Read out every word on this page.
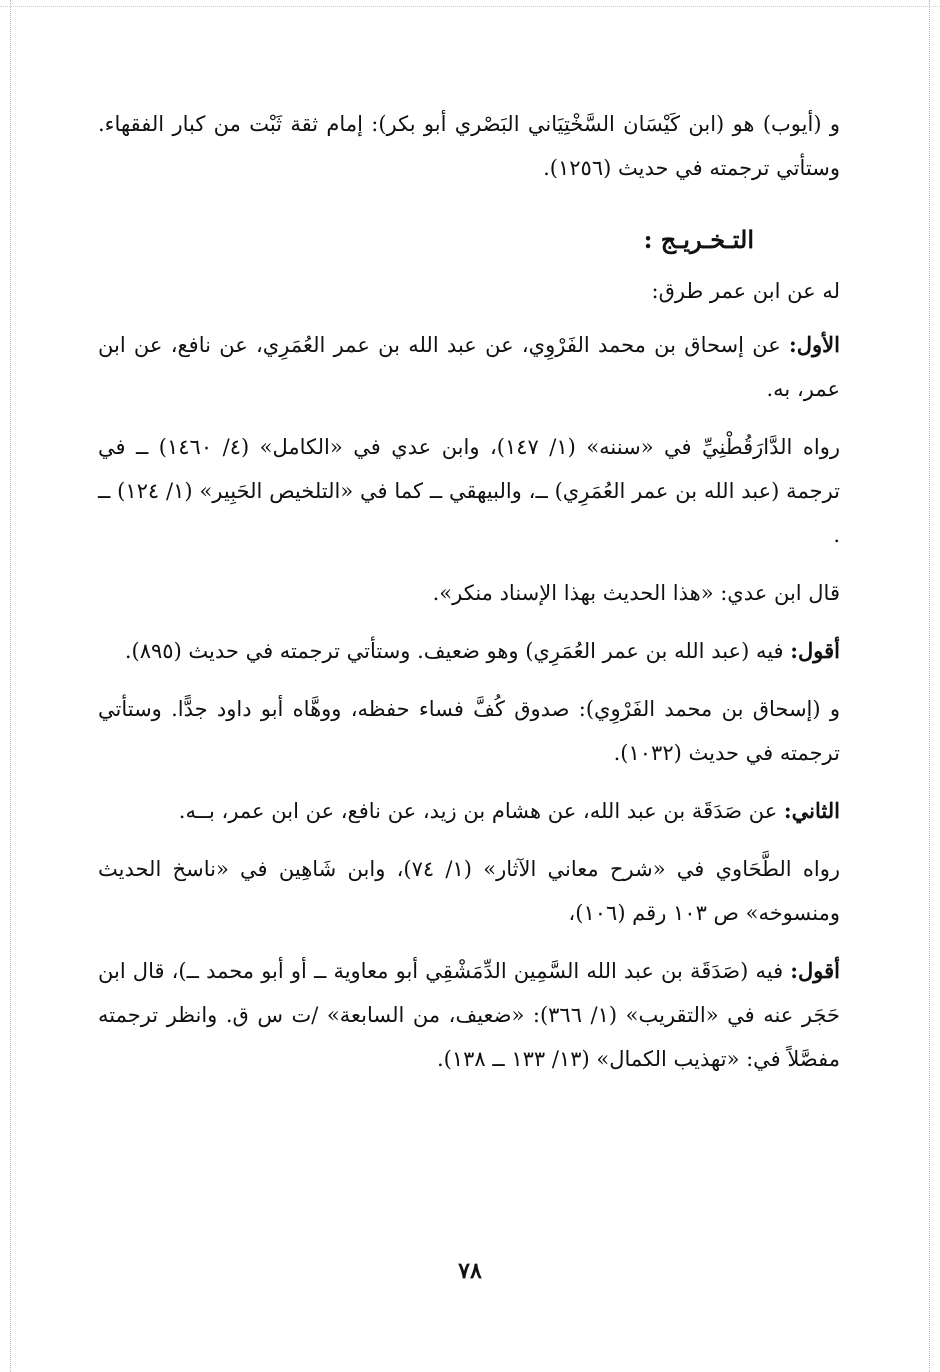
و (أيوب) هو (ابن كَيْسَان السَّخْتِيَاني البَصْري أبو بكر): إمام ثقة ثَبْت من كبار الفقهاء. وستأتي ترجمته في حديث (١٢٥٦).

التـخـريـج :

له عن ابن عمر طرق:

الأول: عن إسحاق بن محمد الفَرْوِي، عن عبد الله بن عمر العُمَرِي، عن نافع، عن ابن عمر، به.

رواه الدَّارَقُطْنِيِّ في «سننه» (١/ ١٤٧)، وابن عدي في «الكامل» (٤/ ١٤٦٠) ــ في ترجمة (عبد الله بن عمر العُمَرِي) ــ، والبيهقي ــ كما في «التلخيص الحَبِير» (١/ ١٢٤) ــ .

قال ابن عدي: «هذا الحديث بهذا الإسناد منكر».

أقول: فيه (عبد الله بن عمر العُمَرِي) وهو ضعيف. وستأتي ترجمته في حديث (٨٩٥).

و (إسحاق بن محمد الفَرْوِي): صدوق كُفَّ فساء حفظه، ووهَّاه أبو داود جدًّا. وستأتي ترجمته في حديث (١٠٣٢).

الثاني: عن صَدَقَة بن عبد الله، عن هشام بن زيد، عن نافع، عن ابن عمر، بــه.

رواه الطَّحَاوي في «شرح معاني الآثار» (١/ ٧٤)، وابن شَاهِين في «ناسخ الحديث ومنسوخه» ص ١٠٣ رقم (١٠٦)،

أقول: فيه (صَدَقَة بن عبد الله السَّمِين الدِّمَشْقِي أبو معاوية ــ أو أبو محمد ــ)، قال ابن حَجَر عنه في «التقريب» (١/ ٣٦٦): «ضعيف، من السابعة» /ت س ق. وانظر ترجمته مفصَّلاً في: «تهذيب الكمال» (١٣/ ١٣٣ ــ ١٣٨).

٧٨
